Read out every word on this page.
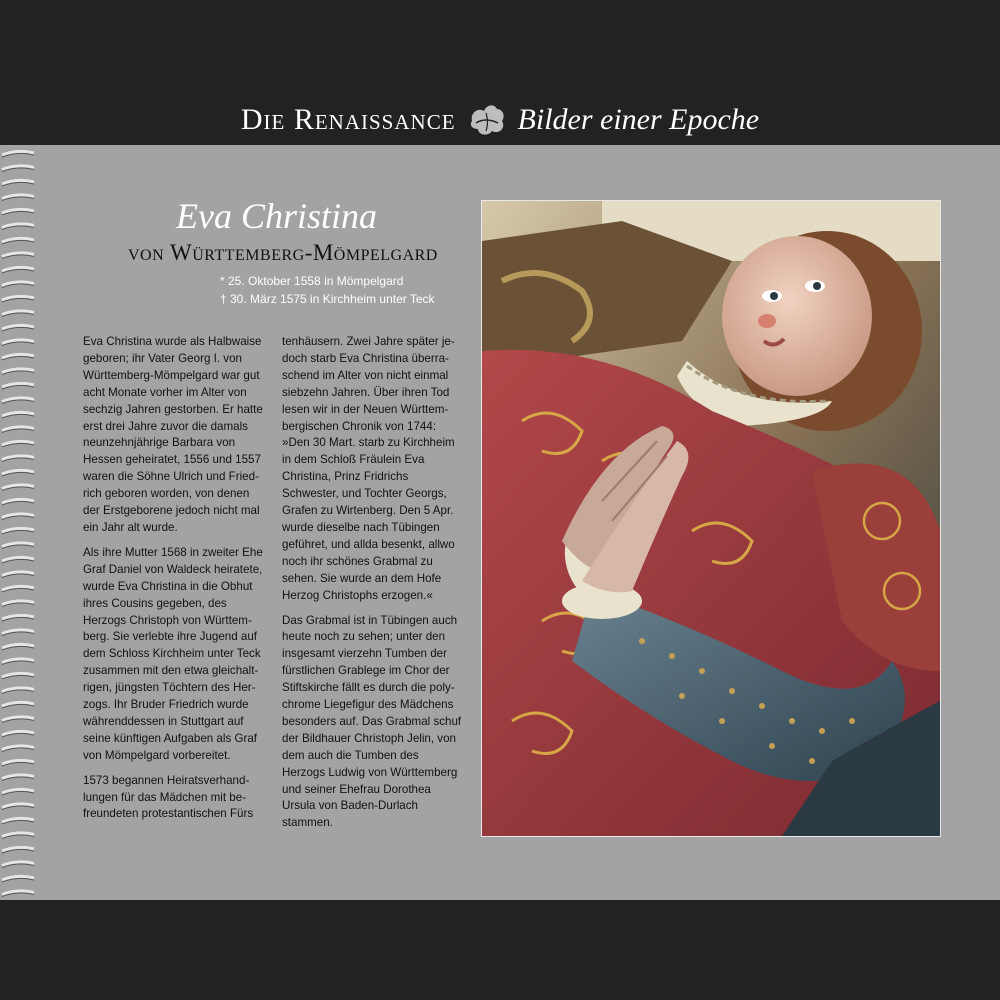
Die Renaissance Bilder einer Epoche
Eva Christina
von Württemberg-Mömpelgard
* 25. Oktober 1558 in Mömpelgard
† 30. März 1575 in Kirchheim unter Teck

Eva Christina wurde als Halbwaise geboren; ihr Vater Georg I. von Württemberg-Mömpelgard war gut acht Monate vorher im Alter von sechzig Jahren gestorben. Er hatte erst drei Jahre zuvor die damals neunzehnjährige Barbara von Hessen geheiratet, 1556 und 1557 waren die Söhne Ulrich und Friedrich geboren worden, von denen der Erstgeborene jedoch nicht mal ein Jahr alt wurde.

Als ihre Mutter 1568 in zweiter Ehe Graf Daniel von Waldeck heiratete, wurde Eva Christina in die Obhut ihres Cousins gegeben, des Herzogs Christoph von Württemberg. Sie verlebte ihre Jugend auf dem Schloss Kirchheim unter Teck zusammen mit den etwa gleichaltrigen, jüngsten Töchtern des Herzogs. Ihr Bruder Friedrich wurde währenddessen in Stuttgart auf seine künftigen Aufgaben als Graf von Mömpelgard vorbereitet.

1573 begannen Heiratsverhandlungen für das Mädchen mit befreundeten protestantischen Fürs

tenhäusern. Zwei Jahre später jedoch starb Eva Christina überraschend im Alter von nicht einmal siebzehn Jahren. Über ihren Tod lesen wir in der Neuen Württembergischen Chronik von 1744: »Den 30 Mart. starb zu Kirchheim in dem Schloß Fräulein Eva Christina, Prinz Fridrichs Schwester, und Tochter Georgs, Grafen zu Wirtenberg. Den 5 Apr. wurde dieselbe nach Tübingen geführet, und allda besenkt, allwo noch ihr schönes Grabmal zu sehen. Sie wurde an dem Hofe Herzog Christophs erzogen.«

Das Grabmal ist in Tübingen auch heute noch zu sehen; unter den insgesamt vierzehn Tumben der fürstlichen Grablege im Chor der Stiftskirche fällt es durch die polychrome Liegefigur des Mädchens besonders auf. Das Grabmal schuf der Bildhauer Christoph Jelin, von dem auch die Tumben des Herzogs Ludwig von Württemberg und seiner Ehefrau Dorothea Ursula von Baden-Durlach stammen.
